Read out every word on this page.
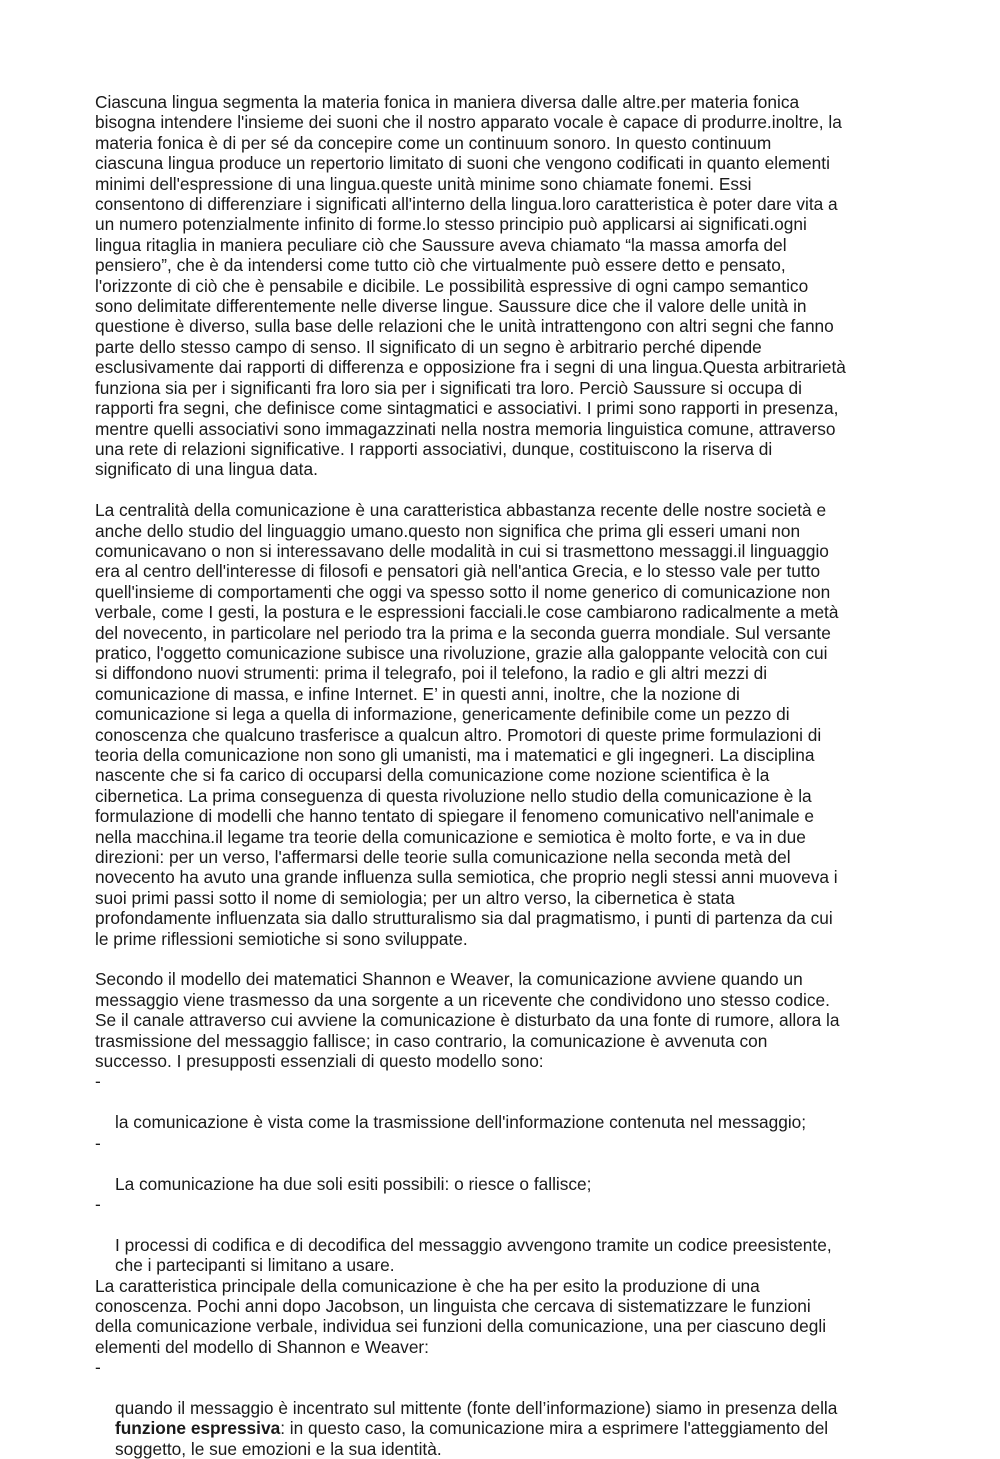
Ciascuna lingua segmenta la materia fonica in maniera diversa dalle altre.per materia fonica
bisogna intendere l'insieme dei suoni che il nostro apparato vocale è capace di produrre.inoltre, la
materia fonica è di per sé da concepire come un continuum sonoro. In questo continuum
ciascuna lingua produce un repertorio limitato di suoni che vengono codificati in quanto elementi
minimi dell'espressione di una lingua.queste unità minime sono chiamate fonemi. Essi
consentono di differenziare i significati all'interno della lingua.loro caratteristica è poter dare vita a
un numero potenzialmente infinito di forme.lo stesso principio può applicarsi ai significati.ogni
lingua ritaglia in maniera peculiare ciò che Saussure aveva chiamato “la massa amorfa del
pensiero”, che è da intendersi come tutto ciò che virtualmente può essere detto e pensato,
l'orizzonte di ciò che è pensabile e dicibile. Le possibilità espressive di ogni campo semantico
sono delimitate differentemente nelle diverse lingue. Saussure dice che il valore delle unità in
questione è diverso, sulla base delle relazioni che le unità intrattengono con altri segni che fanno
parte dello stesso campo di senso. Il significato di un segno è arbitrario perché dipende
esclusivamente dai rapporti di differenza e opposizione fra i segni di una lingua.Questa arbitrarietà
funziona sia per i significanti fra loro sia per i significati tra loro. Perciò Saussure si occupa di
rapporti fra segni, che definisce come sintagmatici e associativi. I primi sono rapporti in presenza,
mentre quelli associativi sono immagazzinati nella nostra memoria linguistica comune, attraverso
una rete di relazioni significative. I rapporti associativi, dunque, costituiscono la riserva di
significato di una lingua data.

La centralità della comunicazione è una caratteristica abbastanza recente delle nostre società e
anche dello studio del linguaggio umano.questo non significa che prima gli esseri umani non
comunicavano o non si interessavano delle modalità in cui si trasmettono messaggi.il linguaggio
era al centro dell'interesse di filosofi e pensatori già nell'antica Grecia, e lo stesso vale per tutto
quell'insieme di comportamenti che oggi va spesso sotto il nome generico di comunicazione non
verbale, come I gesti, la postura e le espressioni facciali.le cose cambiarono radicalmente a metà
del novecento, in particolare nel periodo tra la prima e la seconda guerra mondiale. Sul versante
pratico, l'oggetto comunicazione subisce una rivoluzione, grazie alla galoppante velocità con cui
si diffondono nuovi strumenti: prima il telegrafo, poi il telefono, la radio e gli altri mezzi di
comunicazione di massa, e infine Internet. E’ in questi anni, inoltre, che la nozione di
comunicazione si lega a quella di informazione, genericamente definibile come un pezzo di
conoscenza che qualcuno trasferisce a qualcun altro. Promotori di queste prime formulazioni di
teoria della comunicazione non sono gli umanisti, ma i matematici e gli ingegneri. La disciplina
nascente che si fa carico di occuparsi della comunicazione come nozione scientifica è la
cibernetica. La prima conseguenza di questa rivoluzione nello studio della comunicazione è la
formulazione di modelli che hanno tentato di spiegare il fenomeno comunicativo nell'animale e
nella macchina.il legame tra teorie della comunicazione e semiotica è molto forte, e va in due
direzioni: per un verso, l'affermarsi delle teorie sulla comunicazione nella seconda metà del
novecento ha avuto una grande influenza sulla semiotica, che proprio negli stessi anni muoveva i
suoi primi passi sotto il nome di semiologia; per un altro verso, la cibernetica è stata
profondamente influenzata sia dallo strutturalismo sia dal pragmatismo, i punti di partenza da cui
le prime riflessioni semiotiche si sono sviluppate.

Secondo il modello dei matematici Shannon e Weaver, la comunicazione avviene quando un
messaggio viene trasmesso da una sorgente a un ricevente che condividono uno stesso codice.
Se il canale attraverso cui avviene la comunicazione è disturbato da una fonte di rumore, allora la
trasmissione del messaggio fallisce; in caso contrario, la comunicazione è avvenuta con
successo. I presupposti essenziali di questo modello sono:

-

la comunicazione è vista come la trasmissione dell'informazione contenuta nel messaggio;

-

La comunicazione ha due soli esiti possibili: o riesce o fallisce;

-

I processi di codifica e di decodifica del messaggio avvengono tramite un codice preesistente,
che i partecipanti si limitano a usare.

La caratteristica principale della comunicazione è che ha per esito la produzione di una
conoscenza. Pochi anni dopo Jacobson, un linguista che cercava di sistematizzare le funzioni
della comunicazione verbale, individua sei funzioni della comunicazione, una per ciascuno degli
elementi del modello di Shannon e Weaver:

-

quando il messaggio è incentrato sul mittente (fonte dell’informazione) siamo in presenza della
funzione espressiva: in questo caso, la comunicazione mira a esprimere l'atteggiamento del
soggetto, le sue emozioni e la sua identità.
